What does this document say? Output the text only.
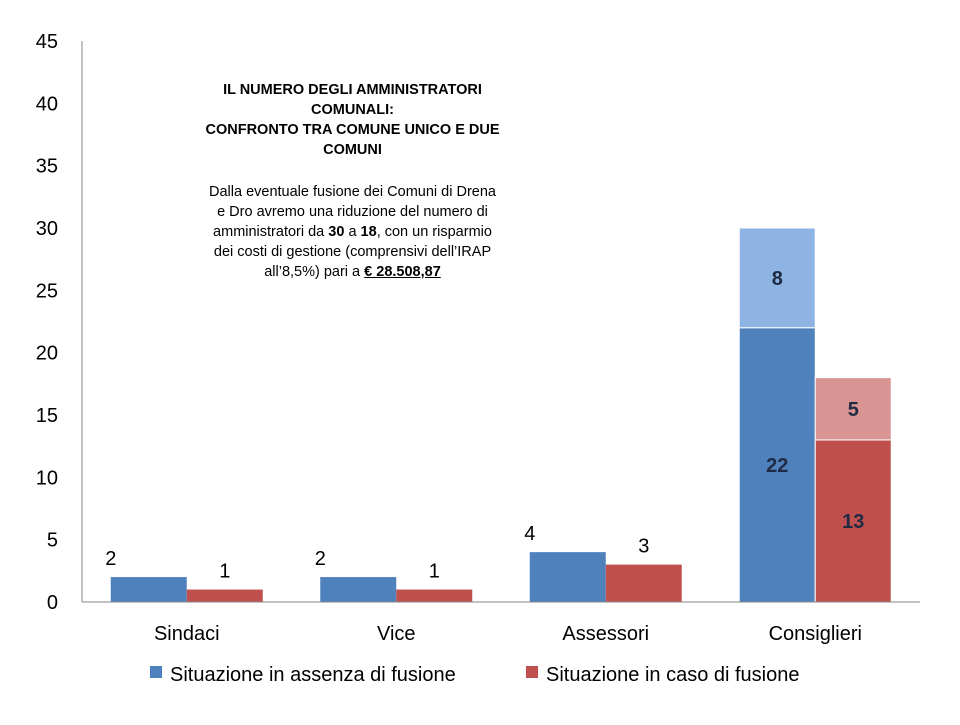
0
5
10
15
20
25
30
35
40
45
2
1
2
1
4
3
22
8
13
5
Sindaci	Vice	Assessori	Consiglieri
Situazione in assenza di fusione	Situazione in caso di fusione
IL NUMERO DEGLI AMMINISTRATORI
COMUNALI:
CONFRONTO TRA COMUNE UNICO E DUE
COMUNI
Dalla eventuale fusione dei Comuni di Drena
e Dro avremo una riduzione del numero di
amministratori da 30 a 18, con un risparmio
dei costi di gestione (comprensivi dell’IRAP
all’8,5%) pari a € 28.508,87
